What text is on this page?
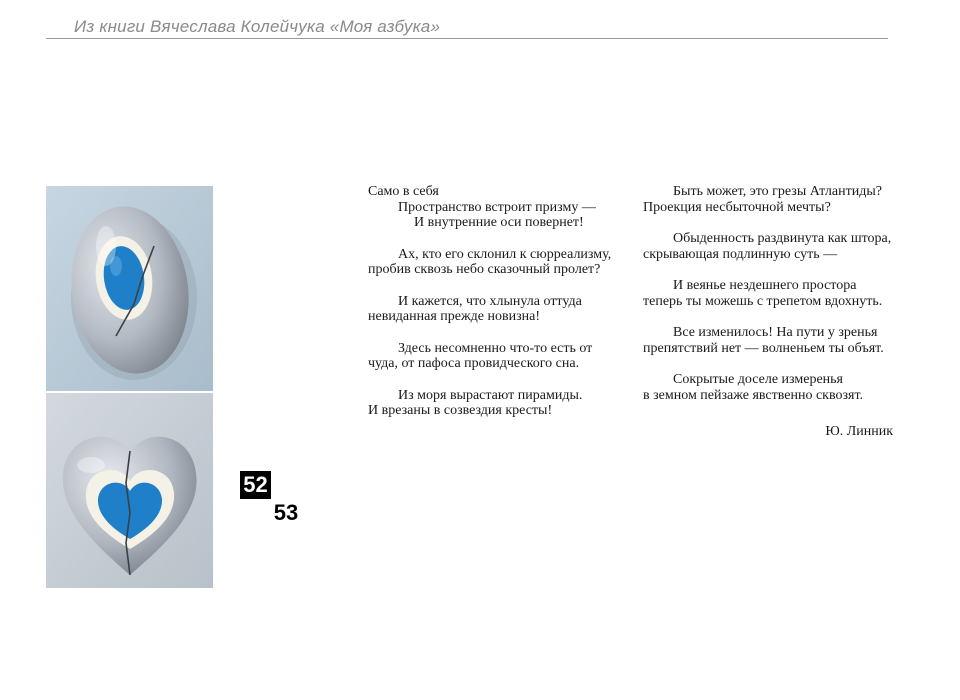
Из книги Вячеслава Колейчука «Моя азбука»
52
53
Само в себя
Пространство встроит призму —
И внутренние оси повернет!
Ах, кто его склонил к сюрреализму,
пробив сквозь небо сказочный пролет?
И кажется, что хлынула оттуда
невиданная прежде новизна!
Здесь несомненно что-то есть от
чуда, от пафоса провидческого сна.
Из моря вырастают пирамиды.
И врезаны в созвездия кресты!
Быть может, это грезы Атлантиды?
Проекция несбыточной мечты?
Обыденность раздвинута как штора,
скрывающая подлинную суть —
И веянье нездешнего простора
теперь ты можешь с трепетом вдохнуть.
Все изменилось! На пути у зренья
препятствий нет — волненьем ты объят.
Сокрытые доселе измеренья
в земном пейзаже явственно сквозят.
Ю. Линник
